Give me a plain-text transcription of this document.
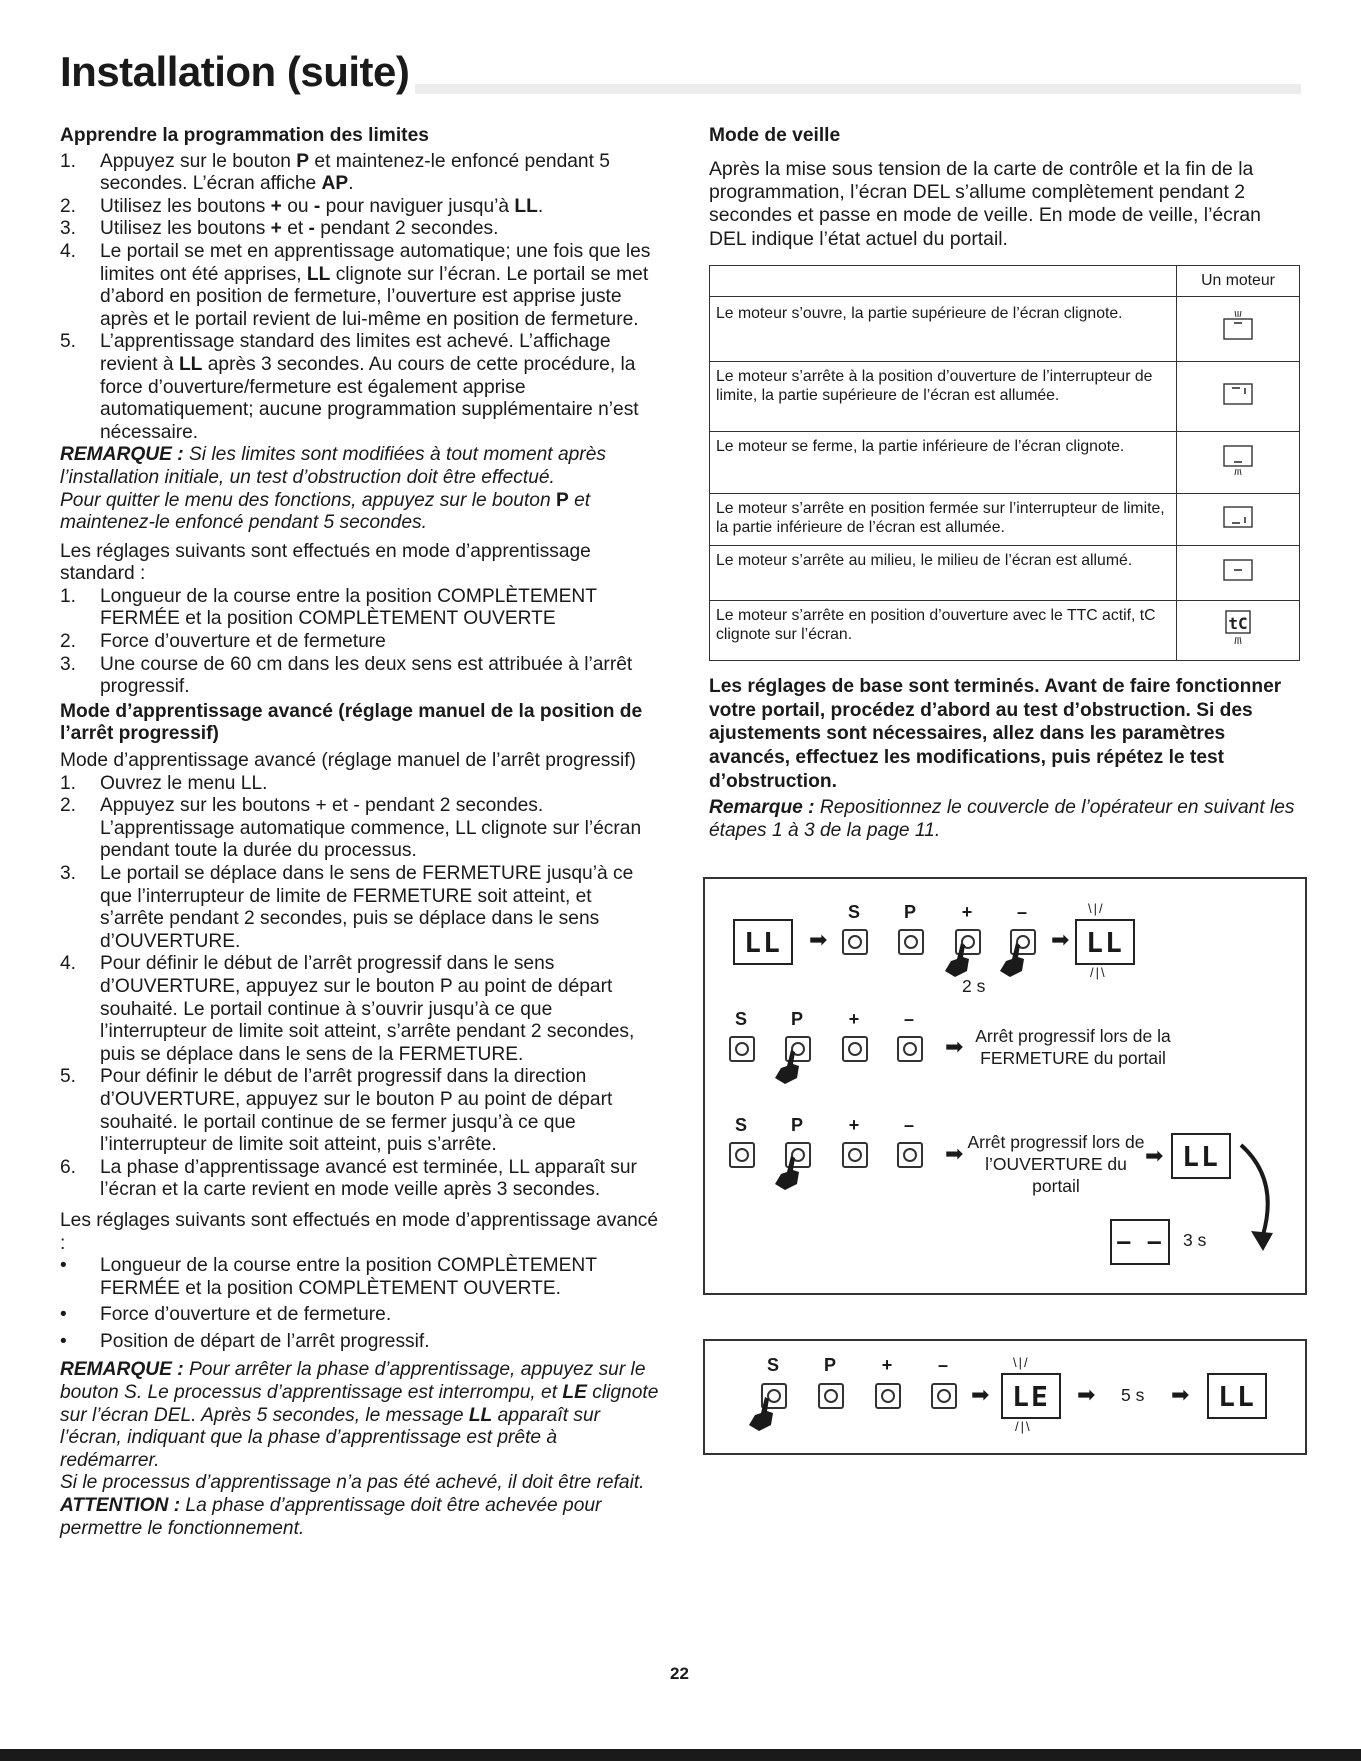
Installation (suite)

Apprendre la programmation des limites

1. Appuyez sur le bouton P et maintenez-le enfoncé pendant 5 secondes. L’écran affiche AP.
2. Utilisez les boutons + ou - pour naviguer jusqu’à LL.
3. Utilisez les boutons + et - pendant 2 secondes.
4. Le portail se met en apprentissage automatique; une fois que les limites ont été apprises, LL clignote sur l’écran. Le portail se met d’abord en position de fermeture, l’ouverture est apprise juste après et le portail revient de lui-même en position de fermeture.
5. L’apprentissage standard des limites est achevé. L’affichage revient à LL après 3 secondes. Au cours de cette procédure, la force d’ouverture/fermeture est également apprise automatiquement; aucune programmation supplémentaire n’est nécessaire.

REMARQUE : Si les limites sont modifiées à tout moment après l’installation initiale, un test d’obstruction doit être effectué.

Pour quitter le menu des fonctions, appuyez sur le bouton P et maintenez-le enfoncé pendant 5 secondes.

Les réglages suivants sont effectués en mode d’apprentissage standard :

1. Longueur de la course entre la position COMPLÈTEMENT FERMÉE et la position COMPLÈTEMENT OUVERTE
2. Force d’ouverture et de fermeture
3. Une course de 60 cm dans les deux sens est attribuée à l’arrêt progressif.

Mode d’apprentissage avancé (réglage manuel de la position de l’arrêt progressif)

Mode d’apprentissage avancé (réglage manuel de l’arrêt progressif)

1. Ouvrez le menu LL.
2. Appuyez sur les boutons + et - pendant 2 secondes. L’apprentissage automatique commence, LL clignote sur l’écran pendant toute la durée du processus.
3. Le portail se déplace dans le sens de FERMETURE jusqu’à ce que l’interrupteur de limite de FERMETURE soit atteint, et s’arrête pendant 2 secondes, puis se déplace dans le sens d’OUVERTURE.
4. Pour définir le début de l’arrêt progressif dans le sens d’OUVERTURE, appuyez sur le bouton P au point de départ souhaité. Le portail continue à s’ouvrir jusqu’à ce que l’interrupteur de limite soit atteint, s’arrête pendant 2 secondes, puis se déplace dans le sens de la FERMETURE.
5. Pour définir le début de l’arrêt progressif dans la direction d’OUVERTURE, appuyez sur le bouton P au point de départ souhaité. le portail continue de se fermer jusqu’à ce que l’interrupteur de limite soit atteint, puis s’arrête.
6. La phase d’apprentissage avancé est terminée, LL apparaît sur l’écran et la carte revient en mode veille après 3 secondes.

Les réglages suivants sont effectués en mode d’apprentissage avancé :

• Longueur de la course entre la position COMPLÈTEMENT FERMÉE et la position COMPLÈTEMENT OUVERTE.
• Force d’ouverture et de fermeture.
• Position de départ de l’arrêt progressif.

REMARQUE : Pour arrêter la phase d’apprentissage, appuyez sur le bouton S. Le processus d’apprentissage est interrompu, et LE clignote sur l’écran DEL. Après 5 secondes, le message LL apparaît sur l’écran, indiquant que la phase d’apprentissage est prête à redémarrer.

Si le processus d’apprentissage n’a pas été achevé, il doit être refait.

ATTENTION : La phase d’apprentissage doit être achevée pour permettre le fonctionnement.

Mode de veille

Après la mise sous tension de la carte de contrôle et la fin de la programmation, l’écran DEL s’allume complètement pendant 2 secondes et passe en mode de veille. En mode de veille, l’écran DEL indique l’état actuel du portail.

	Un moteur
Le moteur s’ouvre, la partie supérieure de l’écran clignote.	
Le moteur s’arrête à la position d’ouverture de l’interrupteur de limite, la partie supérieure de l’écran est allumée.	
Le moteur se ferme, la partie inférieure de l’écran clignote.	
Le moteur s’arrête en position fermée sur l’interrupteur de limite, la partie inférieure de l’écran est allumée.	
Le moteur s’arrête au milieu, le milieu de l’écran est allumé.	
Le moteur s’arrête en position d’ouverture avec le TTC actif, tC clignote sur l’écran.	tC

Les réglages de base sont terminés. Avant de faire fonctionner votre portail, procédez d’abord au test d’obstruction. Si des ajustements sont nécessaires, allez dans les paramètres avancés, effectuez les modifications, puis répétez le test d’obstruction.

Remarque : Repositionnez le couvercle de l’opérateur en suivant les étapes 1 à 3 de la page 11.

LL	➡
S	P	+	–
2 s
➡
\|/
LL
/|\
S	P	+	–
➡ Arrêt progressif lors de la
FERMETURE du portail
S	P	+	–
➡ Arrêt progressif lors de
l’OUVERTURE du portail
➡ LL
– –	3 s
S	P	+	–
➡
\|/
LE
/|\
➡ 5 s ➡	LL
22
